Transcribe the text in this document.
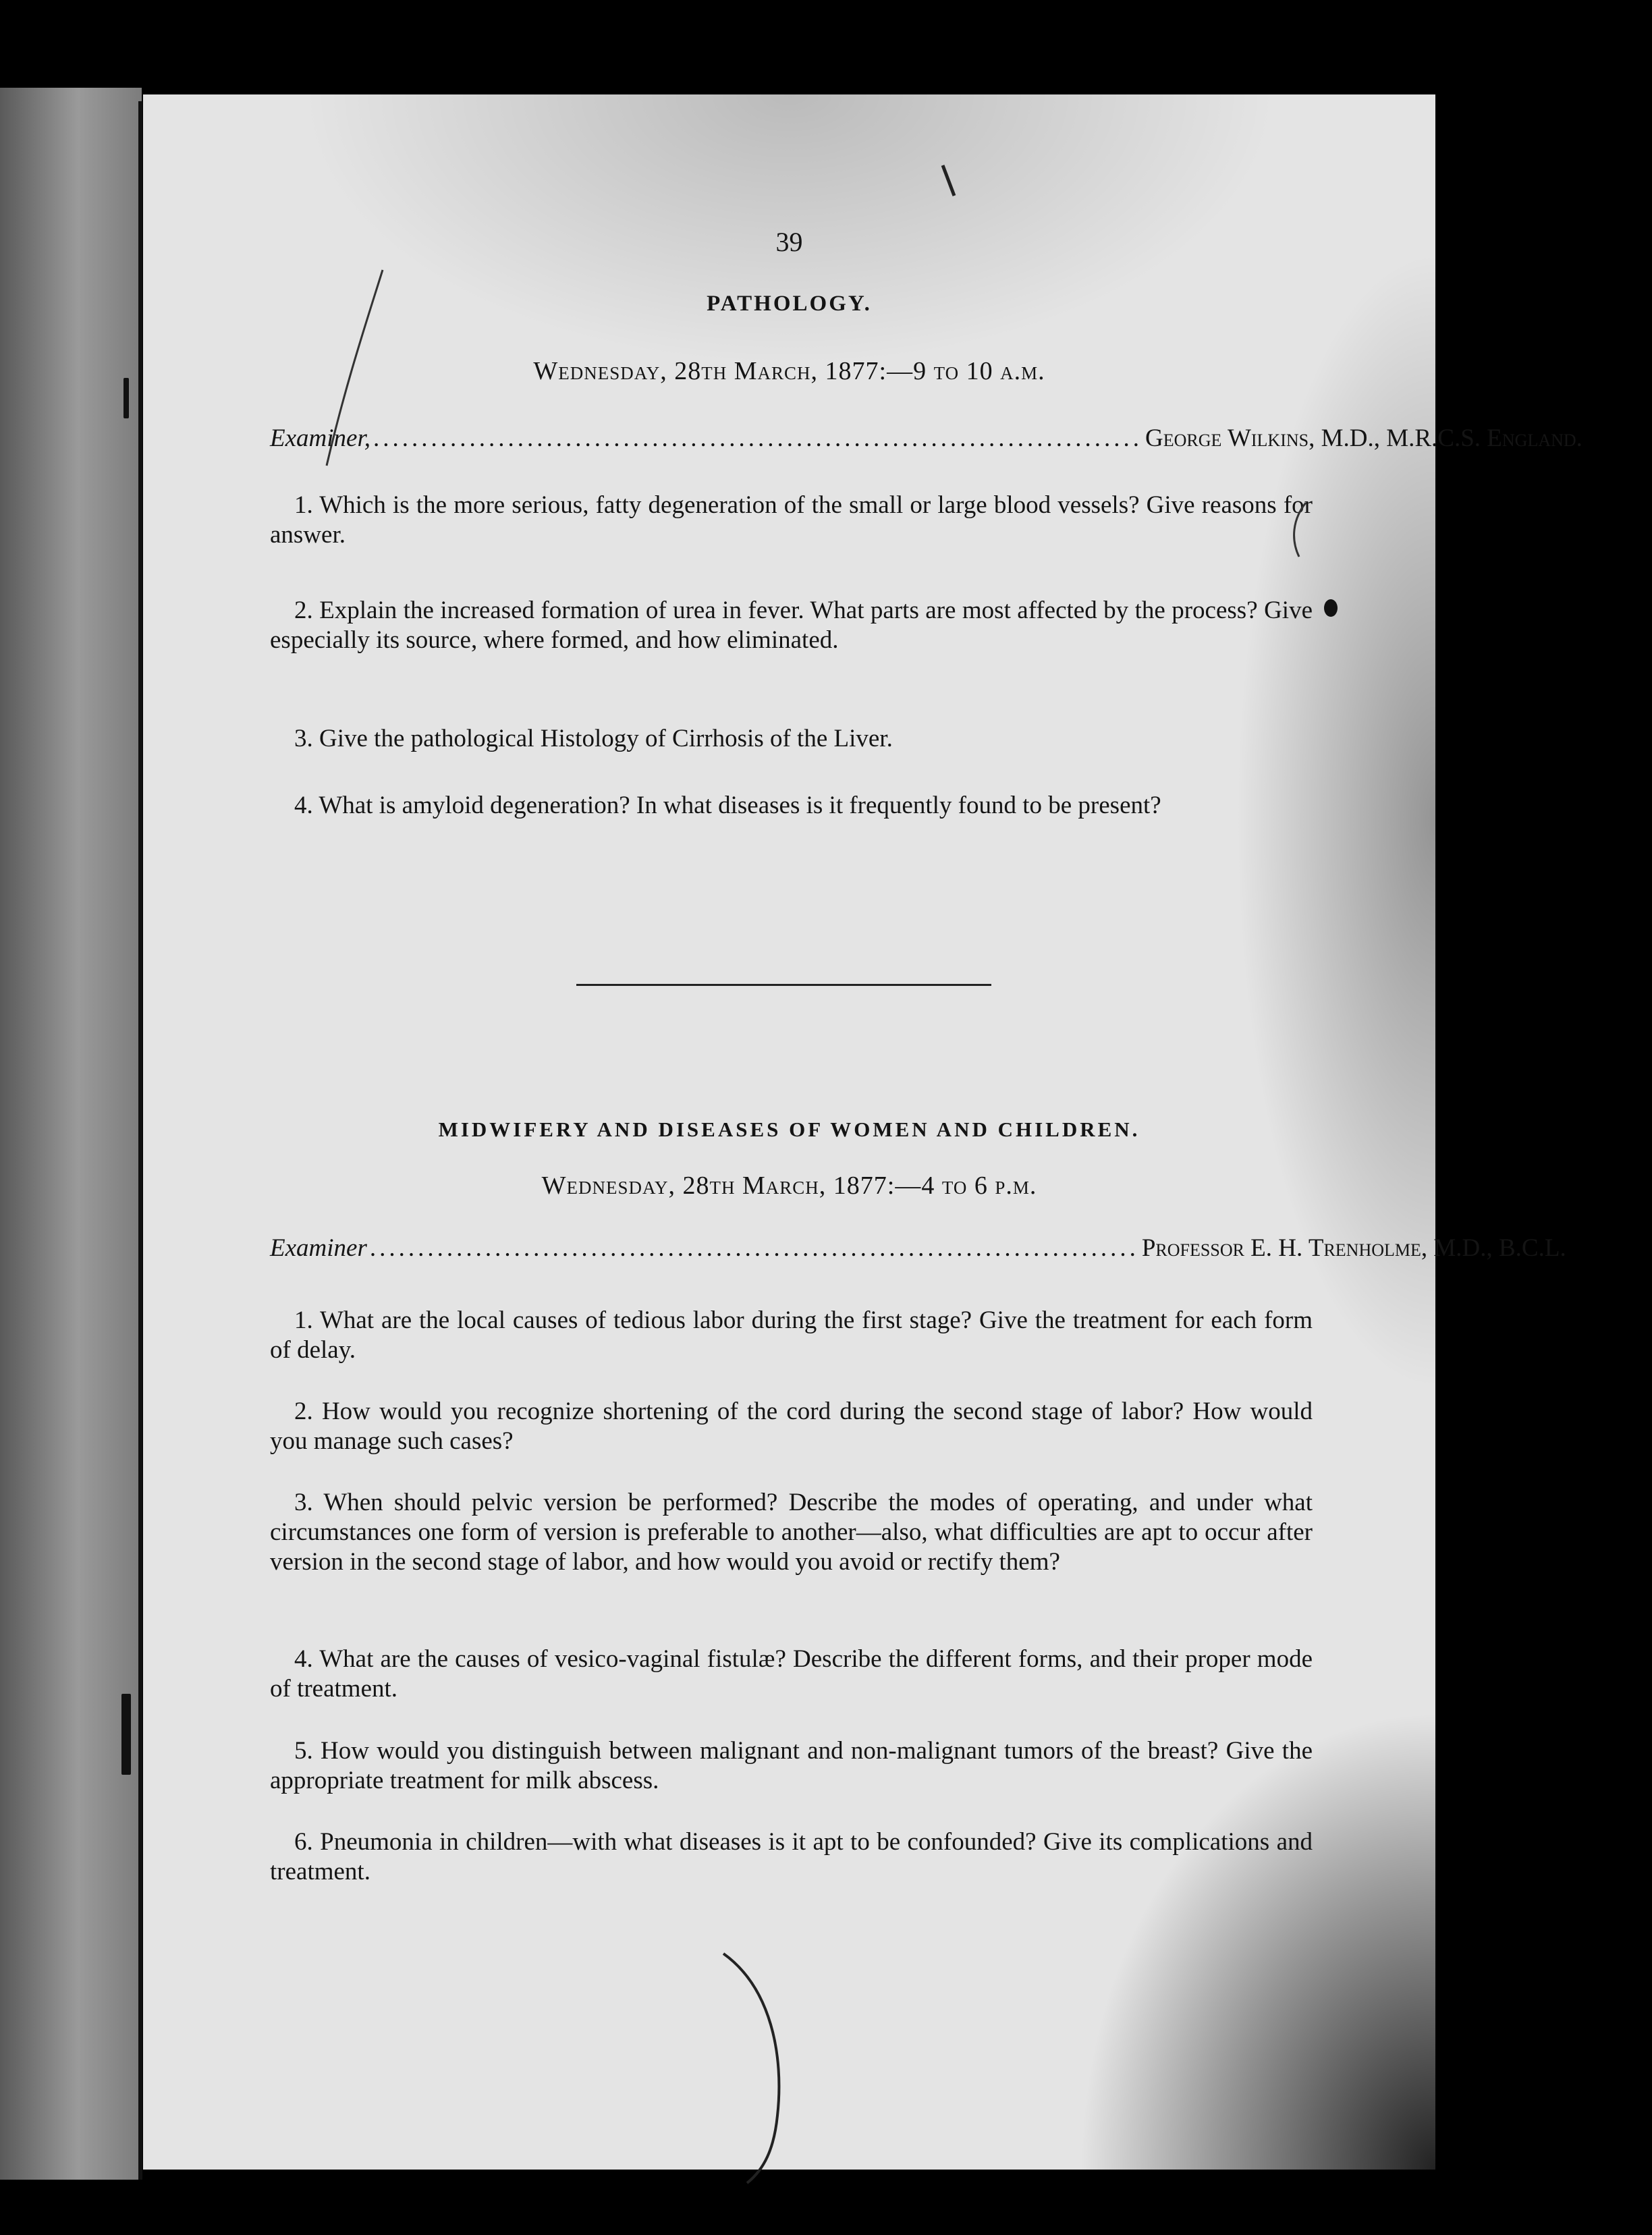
39
PATHOLOGY.
Wednesday, 28th March, 1877:—9 to 10 a.m.
Examiner, ................................................................................ George Wilkins, M.D., M.R.C.S. England.
1. Which is the more serious, fatty degeneration of the small or large blood vessels? Give reasons for answer.
2. Explain the increased formation of urea in fever. What parts are most affected by the process? Give especially its source, where formed, and how eliminated.
3. Give the pathological Histology of Cirrhosis of the Liver.
4. What is amyloid degeneration? In what diseases is it frequently found to be present?
MIDWIFERY AND DISEASES OF WOMEN AND CHILDREN.
Wednesday, 28th March, 1877:—4 to 6 p.m.
Examiner ................................................................................ Professor E. H. Trenholme, M.D., B.C.L.
1. What are the local causes of tedious labor during the first stage? Give the treatment for each form of delay.
2. How would you recognize shortening of the cord during the second stage of labor? How would you manage such cases?
3. When should pelvic version be performed? Describe the modes of operating, and under what circumstances one form of version is preferable to another—also, what difficulties are apt to occur after version in the second stage of labor, and how would you avoid or rectify them?
4. What are the causes of vesico-vaginal fistulæ? Describe the different forms, and their proper mode of treatment.
5. How would you distinguish between malignant and non-malignant tumors of the breast? Give the appropriate treatment for milk abscess.
6. Pneumonia in children—with what diseases is it apt to be confounded? Give its complications and treatment.
